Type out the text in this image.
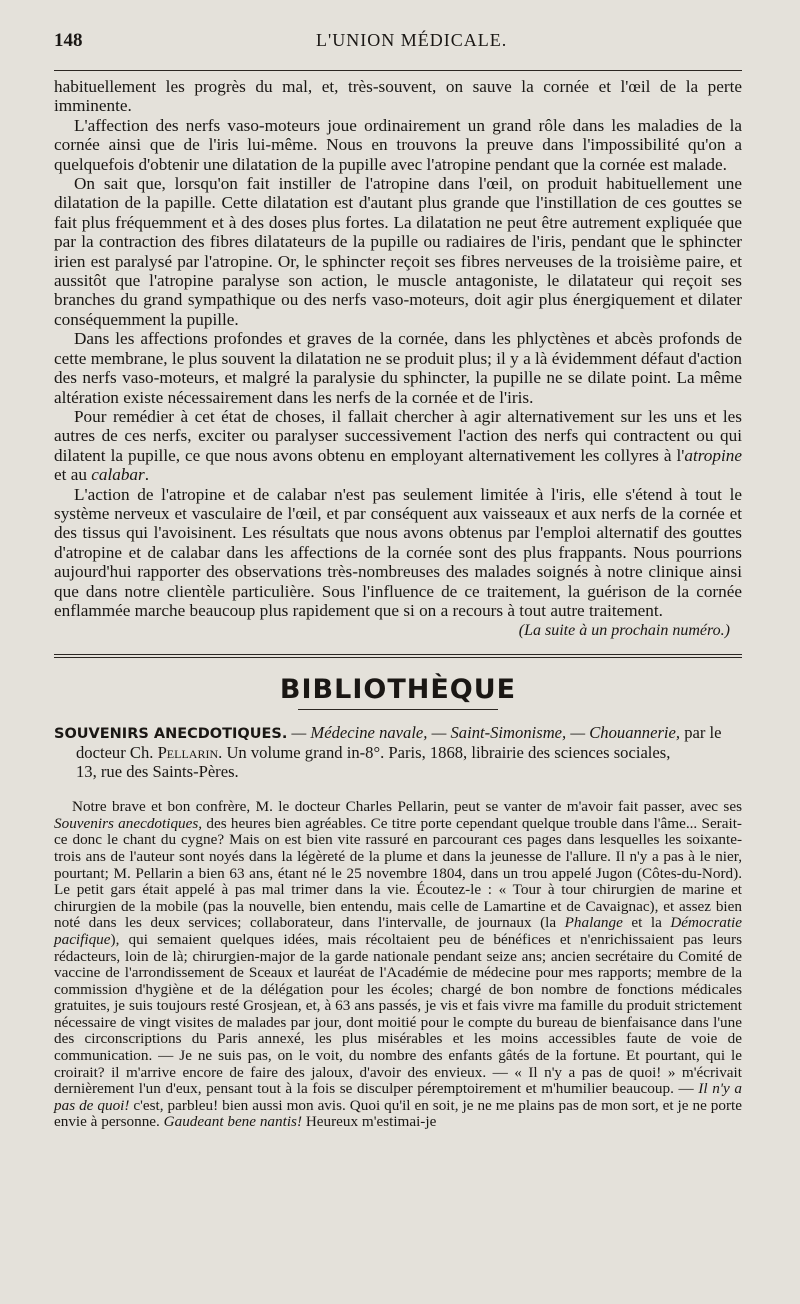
148	L'UNION MÉDICALE.

habituellement les progrès du mal, et, très-souvent, on sauve la cornée et l'œil de la perte imminente.

L'affection des nerfs vaso-moteurs joue ordinairement un grand rôle dans les maladies de la cornée ainsi que de l'iris lui-même. Nous en trouvons la preuve dans l'impossibilité qu'on a quelquefois d'obtenir une dilatation de la pupille avec l'atropine pendant que la cornée est malade.

On sait que, lorsqu'on fait instiller de l'atropine dans l'œil, on produit habituellement une dilatation de la papille. Cette dilatation est d'autant plus grande que l'instillation de ces gouttes se fait plus fréquemment et à des doses plus fortes. La dilatation ne peut être autrement expliquée que par la contraction des fibres dilatateurs de la pupille ou radiaires de l'iris, pendant que le sphincter irien est paralysé par l'atropine. Or, le sphincter reçoit ses fibres nerveuses de la troisième paire, et aussitôt que l'atropine paralyse son action, le muscle antagoniste, le dilatateur qui reçoit ses branches du grand sympathique ou des nerfs vaso-moteurs, doit agir plus énergiquement et dilater conséquemment la pupille.

Dans les affections profondes et graves de la cornée, dans les phlyctènes et abcès profonds de cette membrane, le plus souvent la dilatation ne se produit plus; il y a là évidemment défaut d'action des nerfs vaso-moteurs, et malgré la paralysie du sphincter, la pupille ne se dilate point. La même altération existe nécessairement dans les nerfs de la cornée et de l'iris.

Pour remédier à cet état de choses, il fallait chercher à agir alternativement sur les uns et les autres de ces nerfs, exciter ou paralyser successivement l'action des nerfs qui contractent ou qui dilatent la pupille, ce que nous avons obtenu en employant alternativement les collyres à l'atropine et au calabar.

L'action de l'atropine et de calabar n'est pas seulement limitée à l'iris, elle s'étend à tout le système nerveux et vasculaire de l'œil, et par conséquent aux vaisseaux et aux nerfs de la cornée et des tissus qui l'avoisinent. Les résultats que nous avons obtenus par l'emploi alternatif des gouttes d'atropine et de calabar dans les affections de la cornée sont des plus frappants. Nous pourrions aujourd'hui rapporter des observations très-nombreuses des malades soignés à notre clinique ainsi que dans notre clientèle particulière. Sous l'influence de ce traitement, la guérison de la cornée enflammée marche beaucoup plus rapidement que si on a recours à tout autre traitement.

(La suite à un prochain numéro.)
BIBLIOTHÈQUE
SOUVENIRS ANECDOTIQUES. — Médecine navale, — Saint-Simonisme, — Chouannerie, par le
docteur Ch. Pellarin. Un volume grand in-8°. Paris, 1868, librairie des sciences sociales,
13, rue des Saints-Pères.

Notre brave et bon confrère, M. le docteur Charles Pellarin, peut se vanter de m'avoir fait passer, avec ses Souvenirs anecdotiques, des heures bien agréables. Ce titre porte cependant quelque trouble dans l'âme... Serait-ce donc le chant du cygne? Mais on est bien vite rassuré en parcourant ces pages dans lesquelles les soixante-trois ans de l'auteur sont noyés dans la légèreté de la plume et dans la jeunesse de l'allure. Il n'y a pas à le nier, pourtant; M. Pellarin a bien 63 ans, étant né le 25 novembre 1804, dans un trou appelé Jugon (Côtes-du-Nord). Le petit gars était appelé à pas mal trimer dans la vie. Écoutez-le : « Tour à tour chirurgien de marine et chirurgien de la mobile (pas la nouvelle, bien entendu, mais celle de Lamartine et de Cavaignac), et assez bien noté dans les deux services; collaborateur, dans l'intervalle, de journaux (la Phalange et la Démocratie pacifique), qui semaient quelques idées, mais récoltaient peu de bénéfices et n'enrichissaient pas leurs rédacteurs, loin de là; chirurgien-major de la garde nationale pendant seize ans; ancien secrétaire du Comité de vaccine de l'arrondissement de Sceaux et lauréat de l'Académie de médecine pour mes rapports; membre de la commission d'hygiène et de la délégation pour les écoles; chargé de bon nombre de fonctions médicales gratuites, je suis toujours resté Grosjean, et, à 63 ans passés, je vis et fais vivre ma famille du produit strictement nécessaire de vingt visites de malades par jour, dont moitié pour le compte du bureau de bienfaisance dans l'une des circonscriptions du Paris annexé, les plus misérables et les moins accessibles faute de voie de communication. — Je ne suis pas, on le voit, du nombre des enfants gâtés de la fortune. Et pourtant, qui le croirait? il m'arrive encore de faire des jaloux, d'avoir des envieux. — « Il n'y a pas de quoi! » m'écrivait dernièrement l'un d'eux, pensant tout à la fois se disculper péremptoirement et m'humilier beaucoup. — Il n'y a pas de quoi! c'est, parbleu! bien aussi mon avis. Quoi qu'il en soit, je ne me plains pas de mon sort, et je ne porte envie à personne. Gaudeant bene nantis! Heureux m'estimai-je
